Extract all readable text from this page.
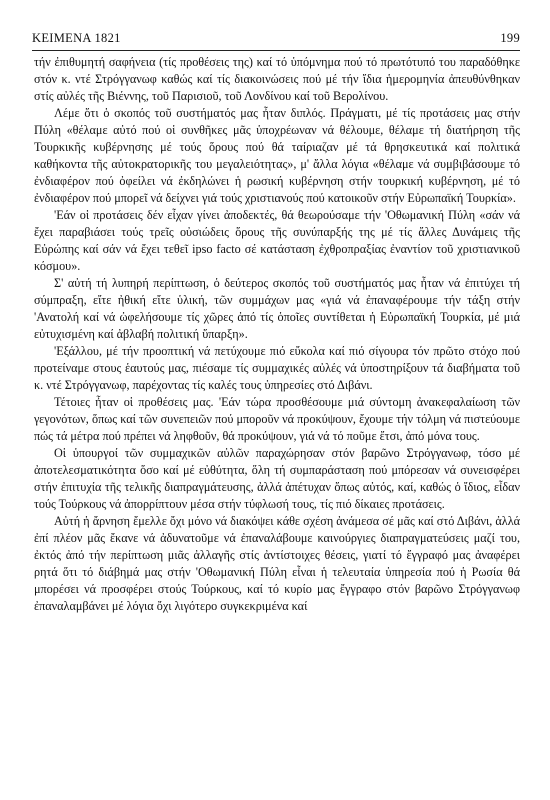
ΚΕΙΜΕΝΑ 1821	199

τήν ἐπιθυμητή σαφήνεια (τίς προθέσεις της) καί τό ὑπόμνημα πού τό πρωτότυπό του παραδόθηκε στόν κ. ντέ Στρόγγανωφ καθώς καί τίς διακοινώσεις πού μέ τήν ἴδια ἡμερομηνία ἀπευθύνθηκαν στίς αὐλές τῆς Βιέννης, τοῦ Παρισιοῦ, τοῦ Λονδίνου καί τοῦ Βερολίνου.

Λέμε ὅτι ὁ σκοπός τοῦ συστήματός μας ἦταν διπλός. Πράγματι, μέ τίς προτάσεις μας στήν Πύλη «θέλαμε αὐτό πού οἱ συνθῆκες μᾶς ὑποχρέωναν νά θέλουμε, θέλαμε τή διατήρηση τῆς Τουρκικῆς κυβέρνησης μέ τούς ὅρους πού θά ταίριαζαν μέ τά θρησκευτικά καί πολιτικά καθήκοντα τῆς αὐτοκρατορικῆς του μεγαλειότητας», μ' ἄλλα λόγια «θέλαμε νά συμβιβάσουμε τό ἐνδιαφέρον πού ὀφείλει νά ἐκδηλώνει ἡ ρωσική κυβέρνηση στήν τουρκική κυβέρνηση, μέ τό ἐνδιαφέρον πού μπορεῖ νά δείχνει γιά τούς χριστιανούς πού κατοικοῦν στήν Εὐρωπαϊκή Τουρκία».

'Εάν οἱ προτάσεις δέν εἶχαν γίνει ἀποδεκτές, θά θεωρούσαμε τήν 'Οθωμανική Πύλη «σάν νά ἔχει παραβιάσει τούς τρεῖς οὐσιώδεις ὅρους τῆς συνύπαρξής της μέ τίς ἄλλες Δυνάμεις τῆς Εὐρώπης καί σάν νά ἔχει τεθεῖ ipso facto σέ κατάσταση ἐχθροπραξίας ἐναντίον τοῦ χριστιανικοῦ κόσμου».

Σ' αὐτή τή λυπηρή περίπτωση, ὁ δεύτερος σκοπός τοῦ συστήματός μας ἦταν νά ἐπιτύχει τή σύμπραξη, εἴτε ἠθική εἴτε ὑλική, τῶν συμμάχων μας «γιά νά ἐπαναφέρουμε τήν τάξη στήν 'Ανατολή καί νά ὠφελήσουμε τίς χῶρες ἀπό τίς ὁποῖες συντίθεται ἡ Εὐρωπαϊκή Τουρκία, μέ μιά εὐτυχισμένη καί ἀβλαβή πολιτική ὕπαρξη».

'Εξάλλου, μέ τήν προοπτική νά πετύχουμε πιό εὔκολα καί πιό σίγουρα τόν πρῶτο στόχο πού προτείναμε στους ἑαυτούς μας, πιέσαμε τίς συμμαχικές αὐλές νά ὑποστηρίξουν τά διαβήματα τοῦ κ. ντέ Στρόγγανωφ, παρέχοντας τίς καλές τους ὑπηρεσίες στό Διβάνι.

Τέτοιες ἦταν οἱ προθέσεις μας. 'Εάν τώρα προσθέσουμε μιά σύντομη ἀνακεφαλαίωση τῶν γεγονότων, ὅπως καί τῶν συνεπειῶν πού μποροῦν νά προκύψουν, ἔχουμε τήν τόλμη νά πιστεύουμε πώς τά μέτρα πού πρέπει νά ληφθοῦν, θά προκύψουν, γιά νά τό ποῦμε ἔτσι, ἀπό μόνα τους.

Οἱ ὑπουργοί τῶν συμμαχικῶν αὐλῶν παραχώρησαν στόν βαρῶνο Στρόγγανωφ, τόσο μέ ἀποτελεσματικότητα ὅσο καί μέ εὐθύτητα, ὅλη τή συμπαράσταση πού μπόρεσαν νά συνεισφέρει στήν ἐπιτυχία τῆς τελικῆς διαπραγμάτευσης, ἀλλά ἀπέτυχαν ὅπως αὐτός, καί, καθώς ὁ ἴδιος, εἶδαν τούς Τούρκους νά ἀπορρίπτουν μέσα στήν τύφλωσή τους, τίς πιό δίκαιες προτάσεις.

Αὐτή ἡ ἄρνηση ἔμελλε ὄχι μόνο νά διακόψει κάθε σχέση ἀνάμεσα σέ μᾶς καί στό Διβάνι, ἀλλά ἐπί πλέον μᾶς ἔκανε νά ἀδυνατοῦμε νά ἐπαναλάβουμε καινούργιες διαπραγματεύσεις μαζί του, ἐκτός ἀπό τήν περίπτωση μιᾶς ἀλλαγῆς στίς ἀντίστοιχες θέσεις, γιατί τό ἔγγραφό μας ἀναφέρει ρητά ὅτι τό διάβημά μας στήν 'Οθωμανική Πύλη εἶναι ἡ τελευταία ὑπηρεσία πού ἡ Ρωσία θά μπορέσει νά προσφέρει στούς Τούρκους, καί τό κυρίο μας ἔγγραφο στόν βαρῶνο Στρόγγανωφ ἐπαναλαμβάνει μέ λόγια ὄχι λιγότερο συγκεκριμένα καί
